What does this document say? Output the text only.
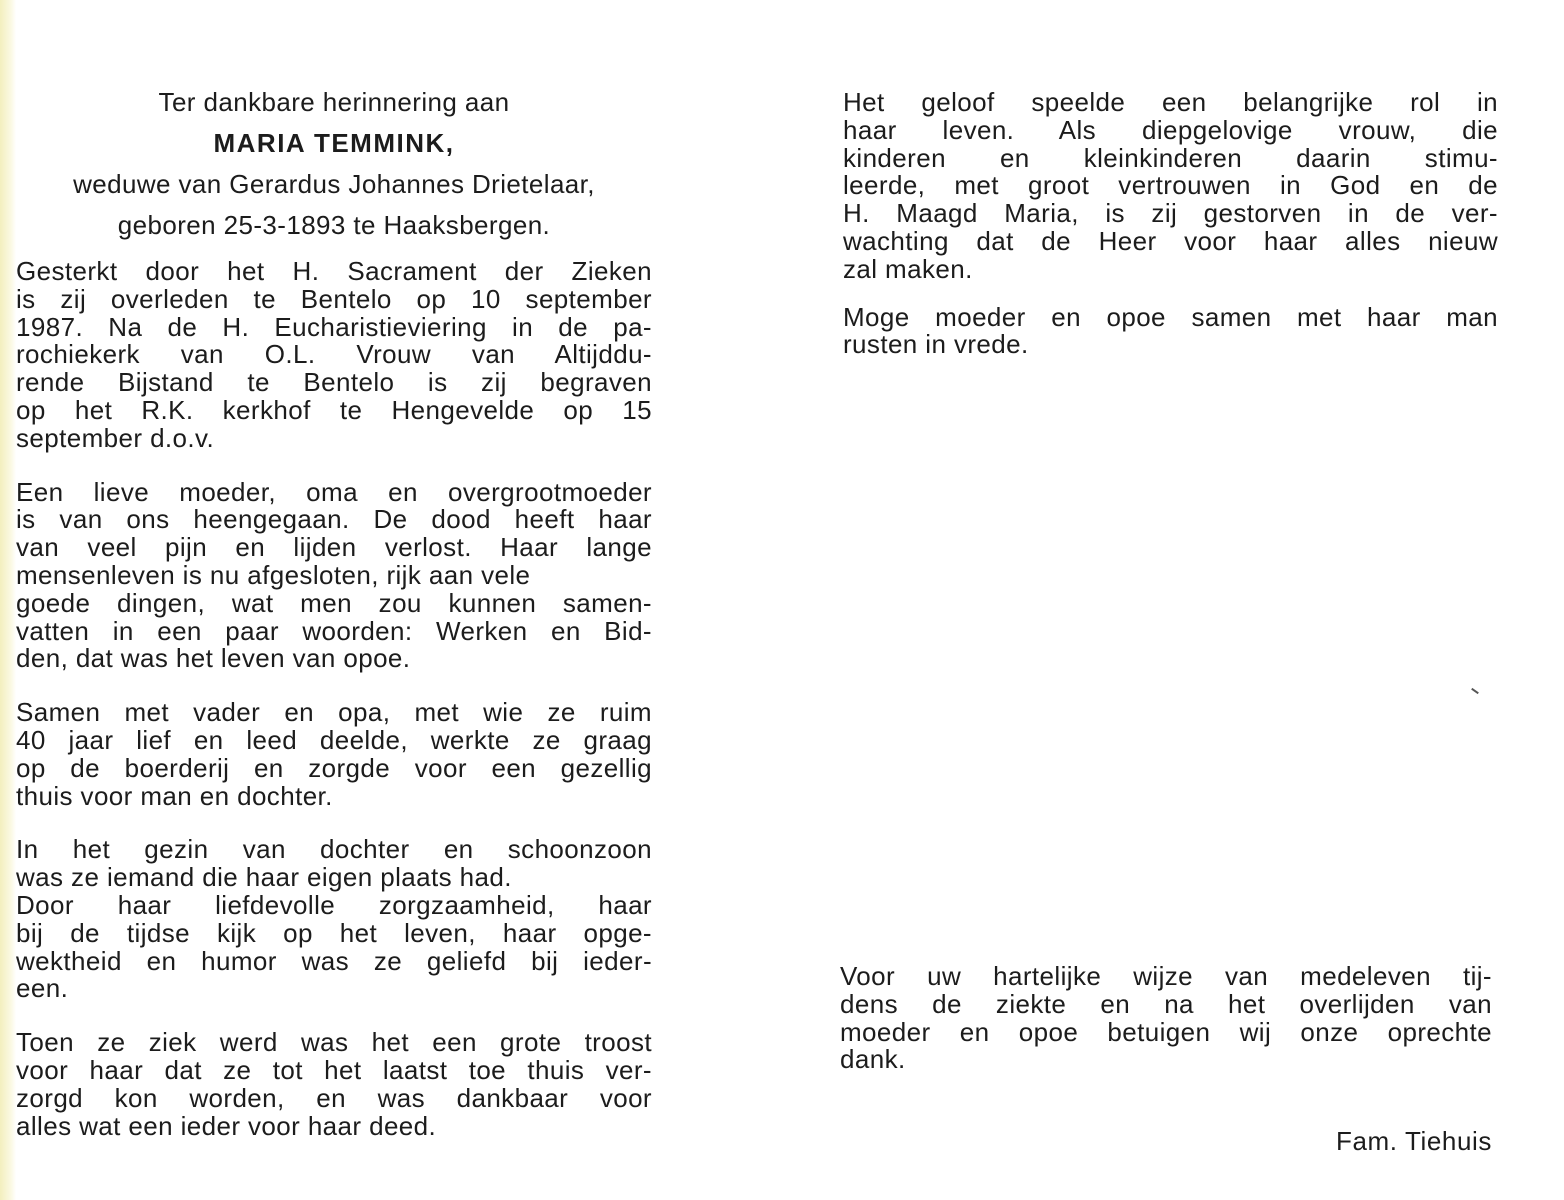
Ter dankbare herinnering aan
MARIA TEMMINK,
weduwe van Gerardus Johannes Drietelaar,
geboren 25-3-1893 te Haaksbergen.
Gesterkt door het H. Sacrament der Zieken
is zij overleden te Bentelo op 10 september
1987. Na de H. Eucharistieviering in de pa-
rochiekerk van O.L. Vrouw van Altijddu-
rende Bijstand te Bentelo is zij begraven
op het R.K. kerkhof te Hengevelde op 15
september d.o.v.
Een lieve moeder, oma en overgrootmoeder
is van ons heengegaan. De dood heeft haar
van veel pijn en lijden verlost. Haar lange
mensenleven is nu afgesloten, rijk aan vele
goede dingen, wat men zou kunnen samen-
vatten in een paar woorden: Werken en Bid-
den, dat was het leven van opoe.
Samen met vader en opa, met wie ze ruim
40 jaar lief en leed deelde, werkte ze graag
op de boerderij en zorgde voor een gezellig
thuis voor man en dochter.
In het gezin van dochter en schoonzoon
was ze iemand die haar eigen plaats had.
Door haar liefdevolle zorgzaamheid, haar
bij de tijdse kijk op het leven, haar opge-
wektheid en humor was ze geliefd bij ieder-
een.
Toen ze ziek werd was het een grote troost
voor haar dat ze tot het laatst toe thuis ver-
zorgd kon worden, en was dankbaar voor
alles wat een ieder voor haar deed.
Het geloof speelde een belangrijke rol in
haar leven. Als diepgelovige vrouw, die
kinderen en kleinkinderen daarin stimu-
leerde, met groot vertrouwen in God en de
H. Maagd Maria, is zij gestorven in de ver-
wachting dat de Heer voor haar alles nieuw
zal maken.
Moge moeder en opoe samen met haar man
rusten in vrede.
Voor uw hartelijke wijze van medeleven tij-
dens de ziekte en na het overlijden van
moeder en opoe betuigen wij onze oprechte
dank.
Fam. Tiehuis
